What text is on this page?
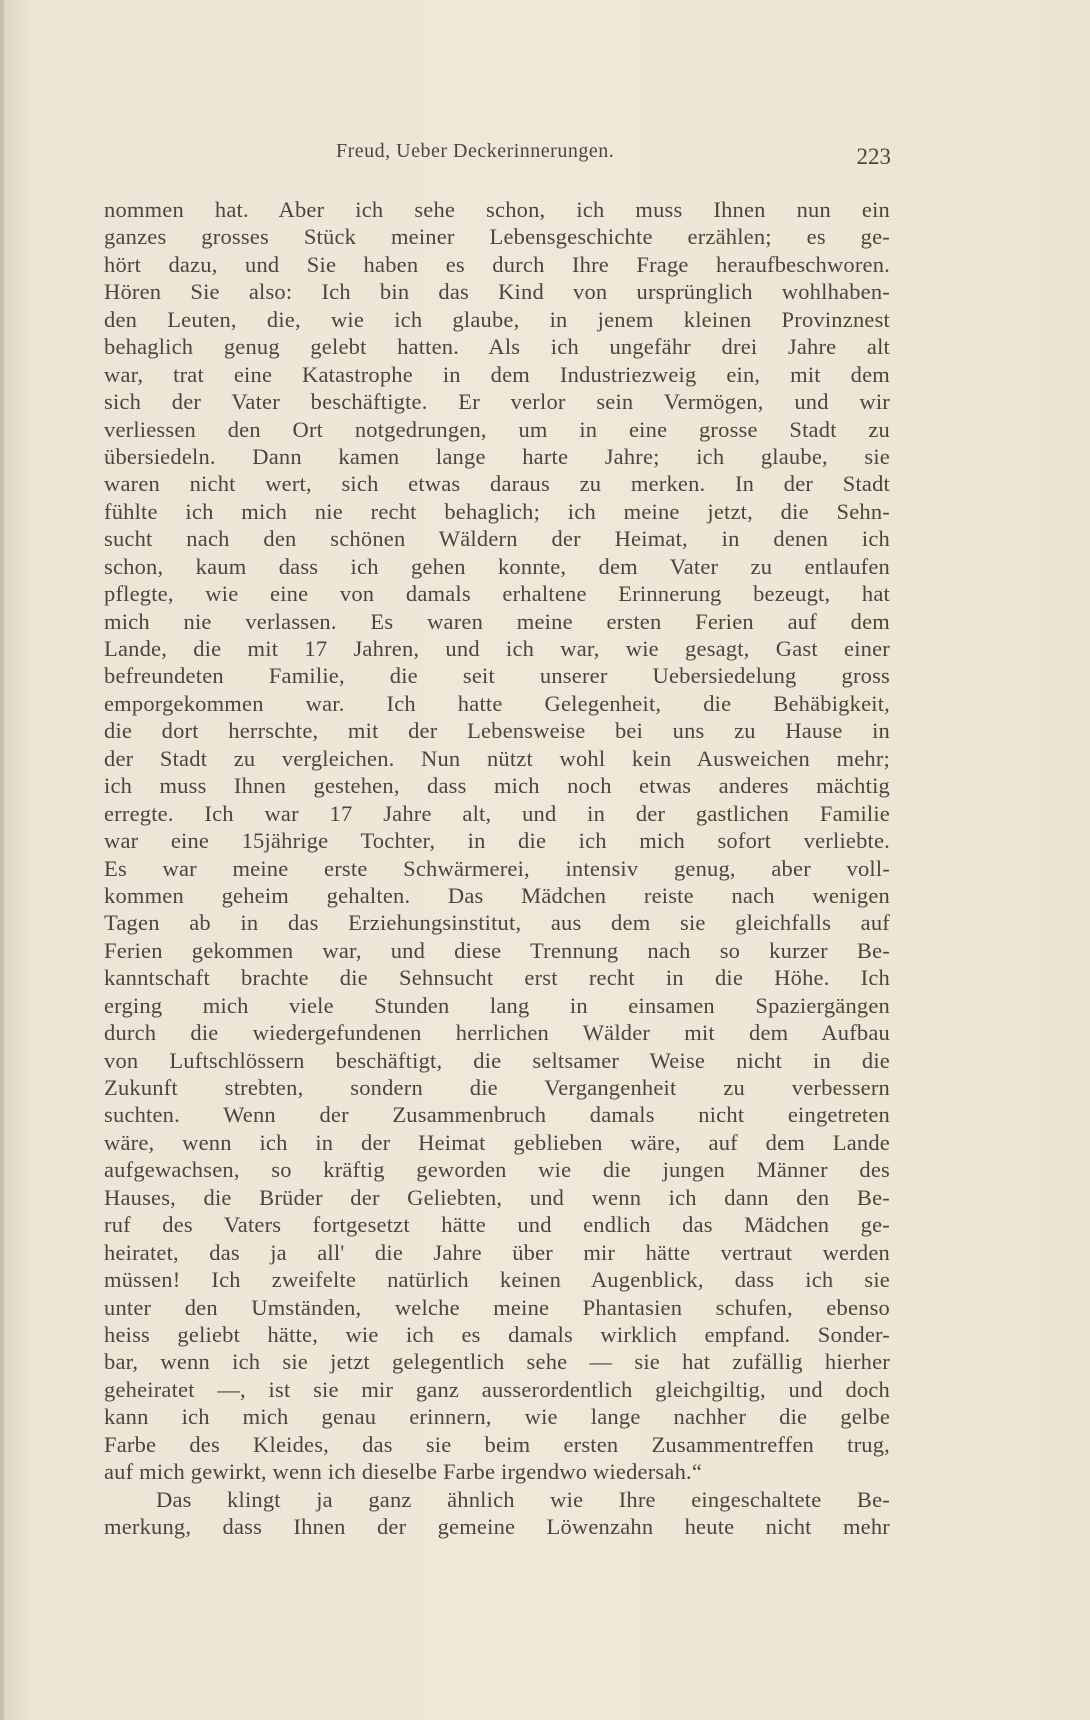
Freud, Ueber Deckerinnerungen.	223
nommen hat. Aber ich sehe schon, ich muss Ihnen nun ein
ganzes grosses Stück meiner Lebensgeschichte erzählen; es ge-
hört dazu, und Sie haben es durch Ihre Frage heraufbeschworen.
Hören Sie also: Ich bin das Kind von ursprünglich wohlhaben-
den Leuten, die, wie ich glaube, in jenem kleinen Provinznest
behaglich genug gelebt hatten. Als ich ungefähr drei Jahre alt
war, trat eine Katastrophe in dem Industriezweig ein, mit dem
sich der Vater beschäftigte. Er verlor sein Vermögen, und wir
verliessen den Ort notgedrungen, um in eine grosse Stadt zu
übersiedeln. Dann kamen lange harte Jahre; ich glaube, sie
waren nicht wert, sich etwas daraus zu merken. In der Stadt
fühlte ich mich nie recht behaglich; ich meine jetzt, die Sehn-
sucht nach den schönen Wäldern der Heimat, in denen ich
schon, kaum dass ich gehen konnte, dem Vater zu entlaufen
pflegte, wie eine von damals erhaltene Erinnerung bezeugt, hat
mich nie verlassen. Es waren meine ersten Ferien auf dem
Lande, die mit 17 Jahren, und ich war, wie gesagt, Gast einer
befreundeten Familie, die seit unserer Uebersiedelung gross
emporgekommen war. Ich hatte Gelegenheit, die Behäbigkeit,
die dort herrschte, mit der Lebensweise bei uns zu Hause in
der Stadt zu vergleichen. Nun nützt wohl kein Ausweichen mehr;
ich muss Ihnen gestehen, dass mich noch etwas anderes mächtig
erregte. Ich war 17 Jahre alt, und in der gastlichen Familie
war eine 15jährige Tochter, in die ich mich sofort verliebte.
Es war meine erste Schwärmerei, intensiv genug, aber voll-
kommen geheim gehalten. Das Mädchen reiste nach wenigen
Tagen ab in das Erziehungsinstitut, aus dem sie gleichfalls auf
Ferien gekommen war, und diese Trennung nach so kurzer Be-
kanntschaft brachte die Sehnsucht erst recht in die Höhe. Ich
erging mich viele Stunden lang in einsamen Spaziergängen
durch die wiedergefundenen herrlichen Wälder mit dem Aufbau
von Luftschlössern beschäftigt, die seltsamer Weise nicht in die
Zukunft strebten, sondern die Vergangenheit zu verbessern
suchten. Wenn der Zusammenbruch damals nicht eingetreten
wäre, wenn ich in der Heimat geblieben wäre, auf dem Lande
aufgewachsen, so kräftig geworden wie die jungen Männer des
Hauses, die Brüder der Geliebten, und wenn ich dann den Be-
ruf des Vaters fortgesetzt hätte und endlich das Mädchen ge-
heiratet, das ja all' die Jahre über mir hätte vertraut werden
müssen! Ich zweifelte natürlich keinen Augenblick, dass ich sie
unter den Umständen, welche meine Phantasien schufen, ebenso
heiss geliebt hätte, wie ich es damals wirklich empfand. Sonder-
bar, wenn ich sie jetzt gelegentlich sehe — sie hat zufällig hierher
geheiratet —, ist sie mir ganz ausserordentlich gleichgiltig, und doch
kann ich mich genau erinnern, wie lange nachher die gelbe
Farbe des Kleides, das sie beim ersten Zusammentreffen trug,
auf mich gewirkt, wenn ich dieselbe Farbe irgendwo wiedersah.“
Das klingt ja ganz ähnlich wie Ihre eingeschaltete Be-
merkung, dass Ihnen der gemeine Löwenzahn heute nicht mehr
